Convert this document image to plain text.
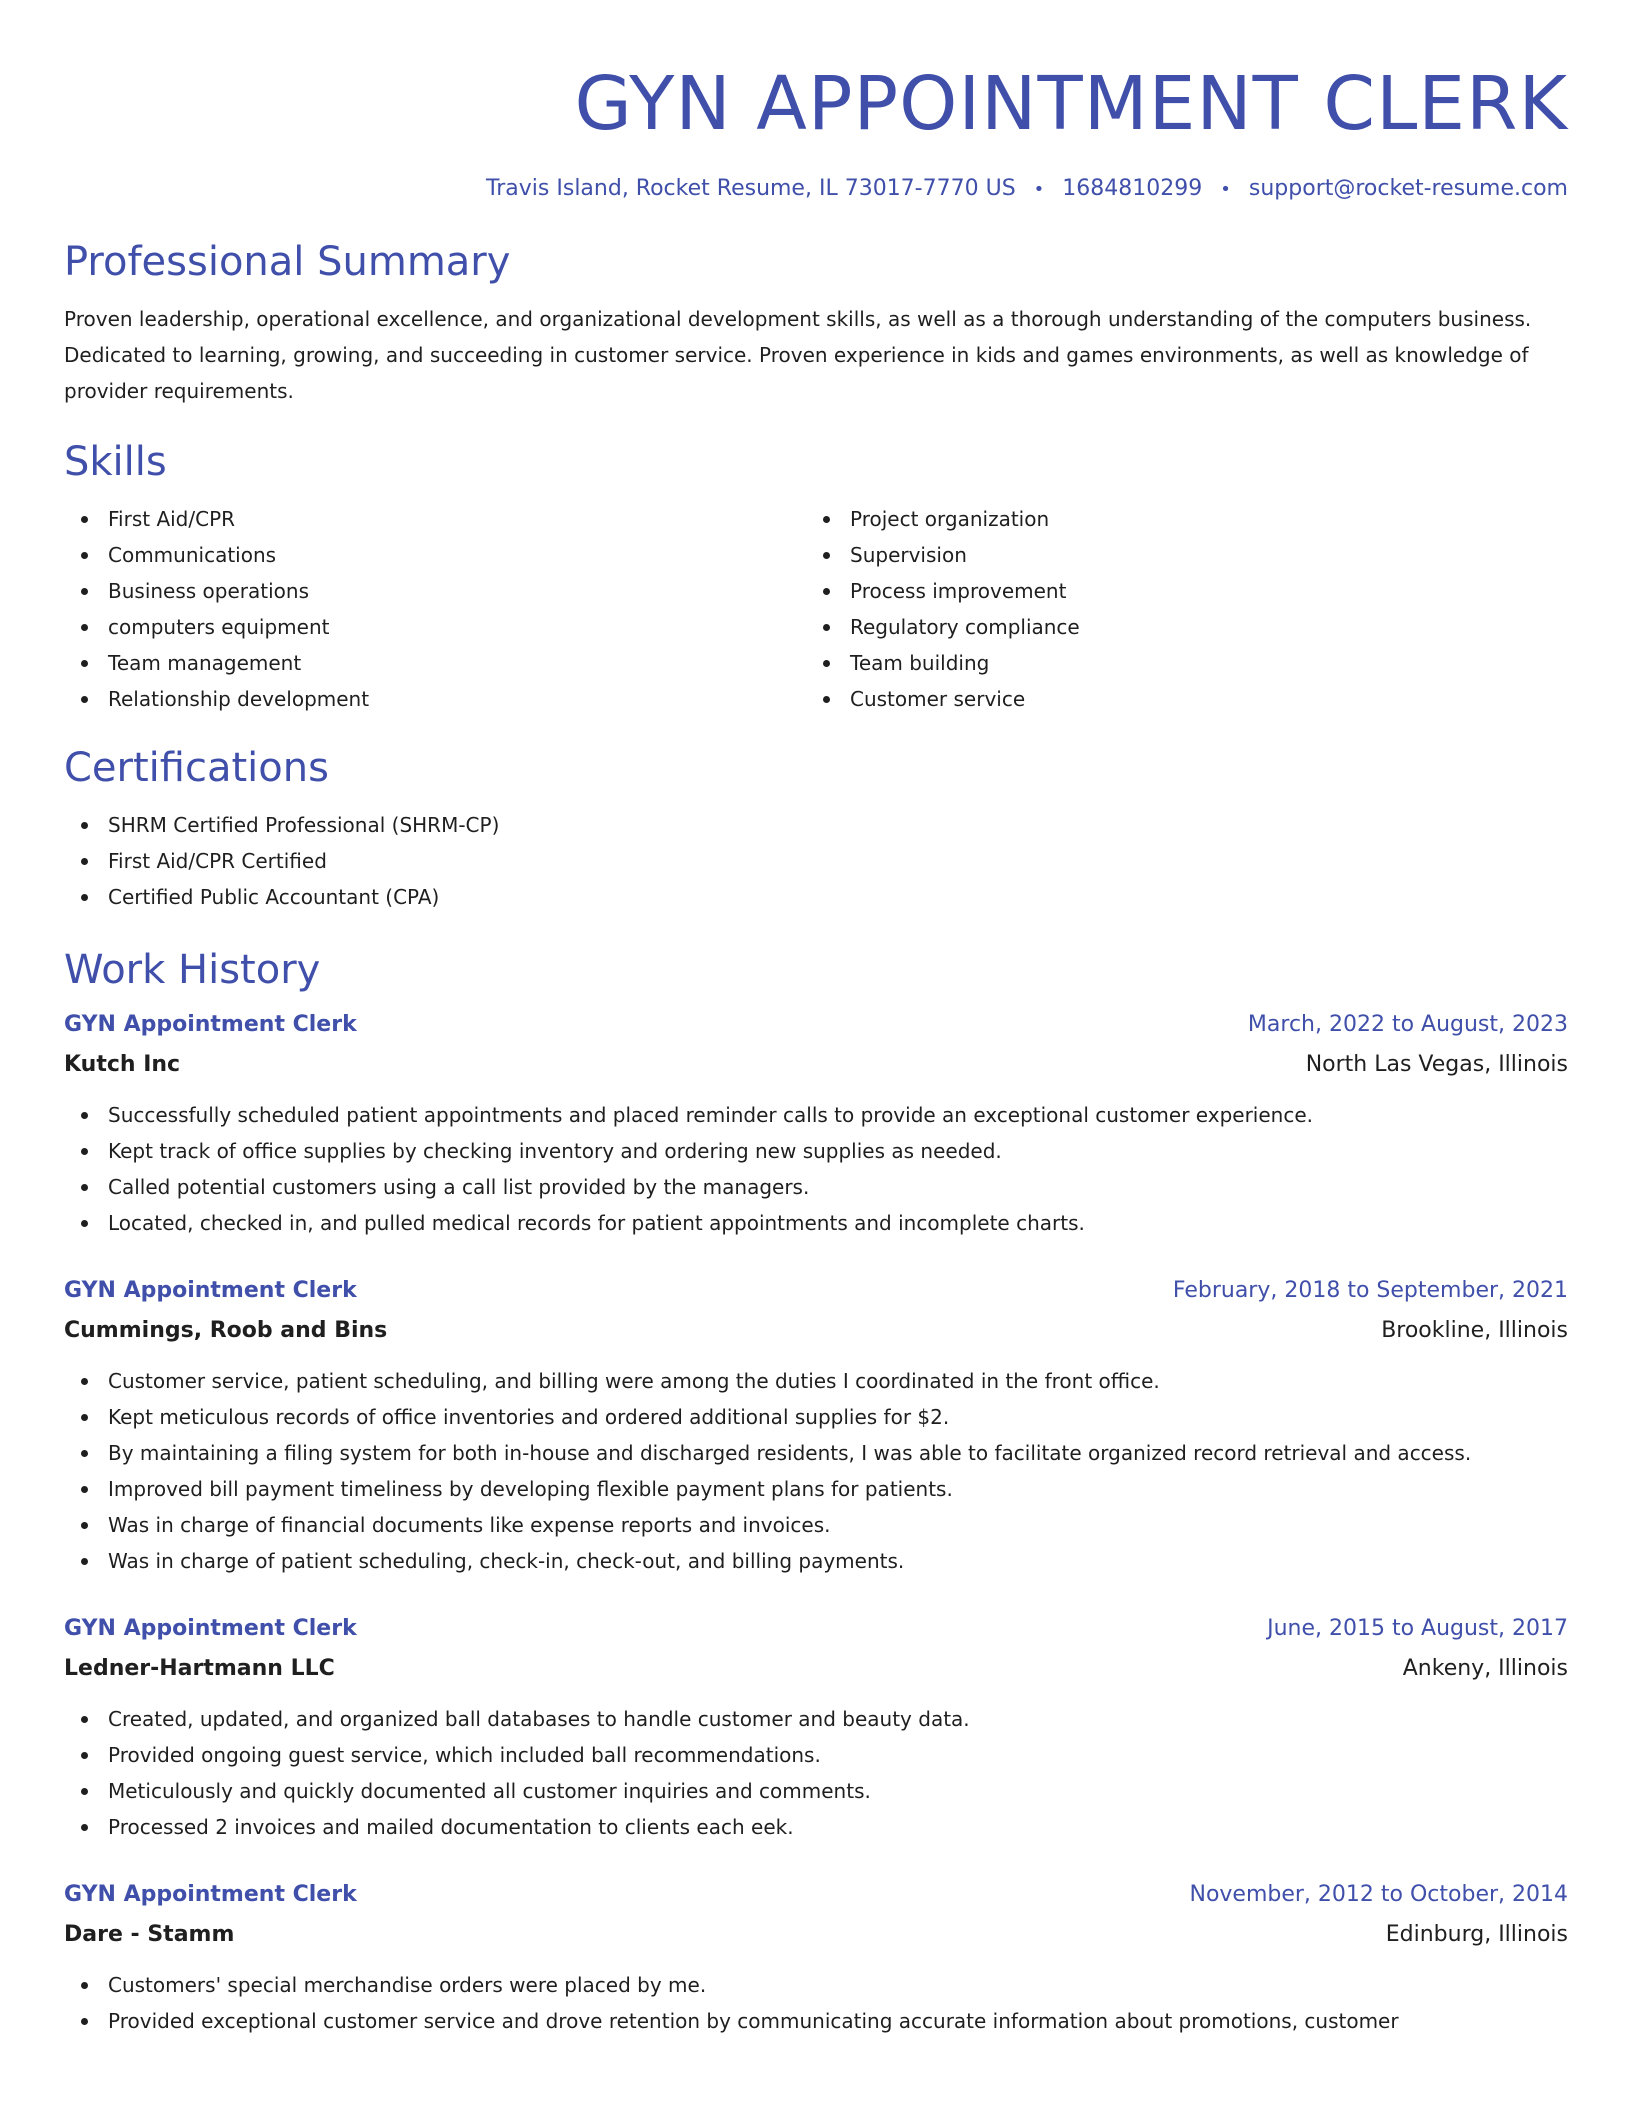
GYN APPOINTMENT CLERK
Travis Island, Rocket Resume, IL 73017-7770 US • 1684810299 • support@rocket-resume.com
Professional Summary

Proven leadership, operational excellence, and organizational development skills, as well as a thorough understanding of the computers business. Dedicated to learning, growing, and succeeding in customer service. Proven experience in kids and games environments, as well as knowledge of provider requirements.

Skills
First Aid/CPR
Communications
Business operations
computers equipment
Team management
Relationship development
Project organization
Supervision
Process improvement
Regulatory compliance
Team building
Customer service
Certifications
SHRM Certified Professional (SHRM-CP)
First Aid/CPR Certified
Certified Public Accountant (CPA)
Work History
GYN Appointment Clerk	March, 2022 to August, 2023
Kutch Inc	North Las Vegas, Illinois
Successfully scheduled patient appointments and placed reminder calls to provide an exceptional customer experience.
Kept track of office supplies by checking inventory and ordering new supplies as needed.
Called potential customers using a call list provided by the managers.
Located, checked in, and pulled medical records for patient appointments and incomplete charts.
GYN Appointment Clerk	February, 2018 to September, 2021
Cummings, Roob and Bins	Brookline, Illinois
Customer service, patient scheduling, and billing were among the duties I coordinated in the front office.
Kept meticulous records of office inventories and ordered additional supplies for $2.
By maintaining a filing system for both in-house and discharged residents, I was able to facilitate organized record retrieval and access.
Improved bill payment timeliness by developing flexible payment plans for patients.
Was in charge of financial documents like expense reports and invoices.
Was in charge of patient scheduling, check-in, check-out, and billing payments.
GYN Appointment Clerk	June, 2015 to August, 2017
Ledner-Hartmann LLC	Ankeny, Illinois
Created, updated, and organized ball databases to handle customer and beauty data.
Provided ongoing guest service, which included ball recommendations.
Meticulously and quickly documented all customer inquiries and comments.
Processed 2 invoices and mailed documentation to clients each eek.
GYN Appointment Clerk	November, 2012 to October, 2014
Dare - Stamm	Edinburg, Illinois
Customers' special merchandise orders were placed by me.
Provided exceptional customer service and drove retention by communicating accurate information about promotions, customer
